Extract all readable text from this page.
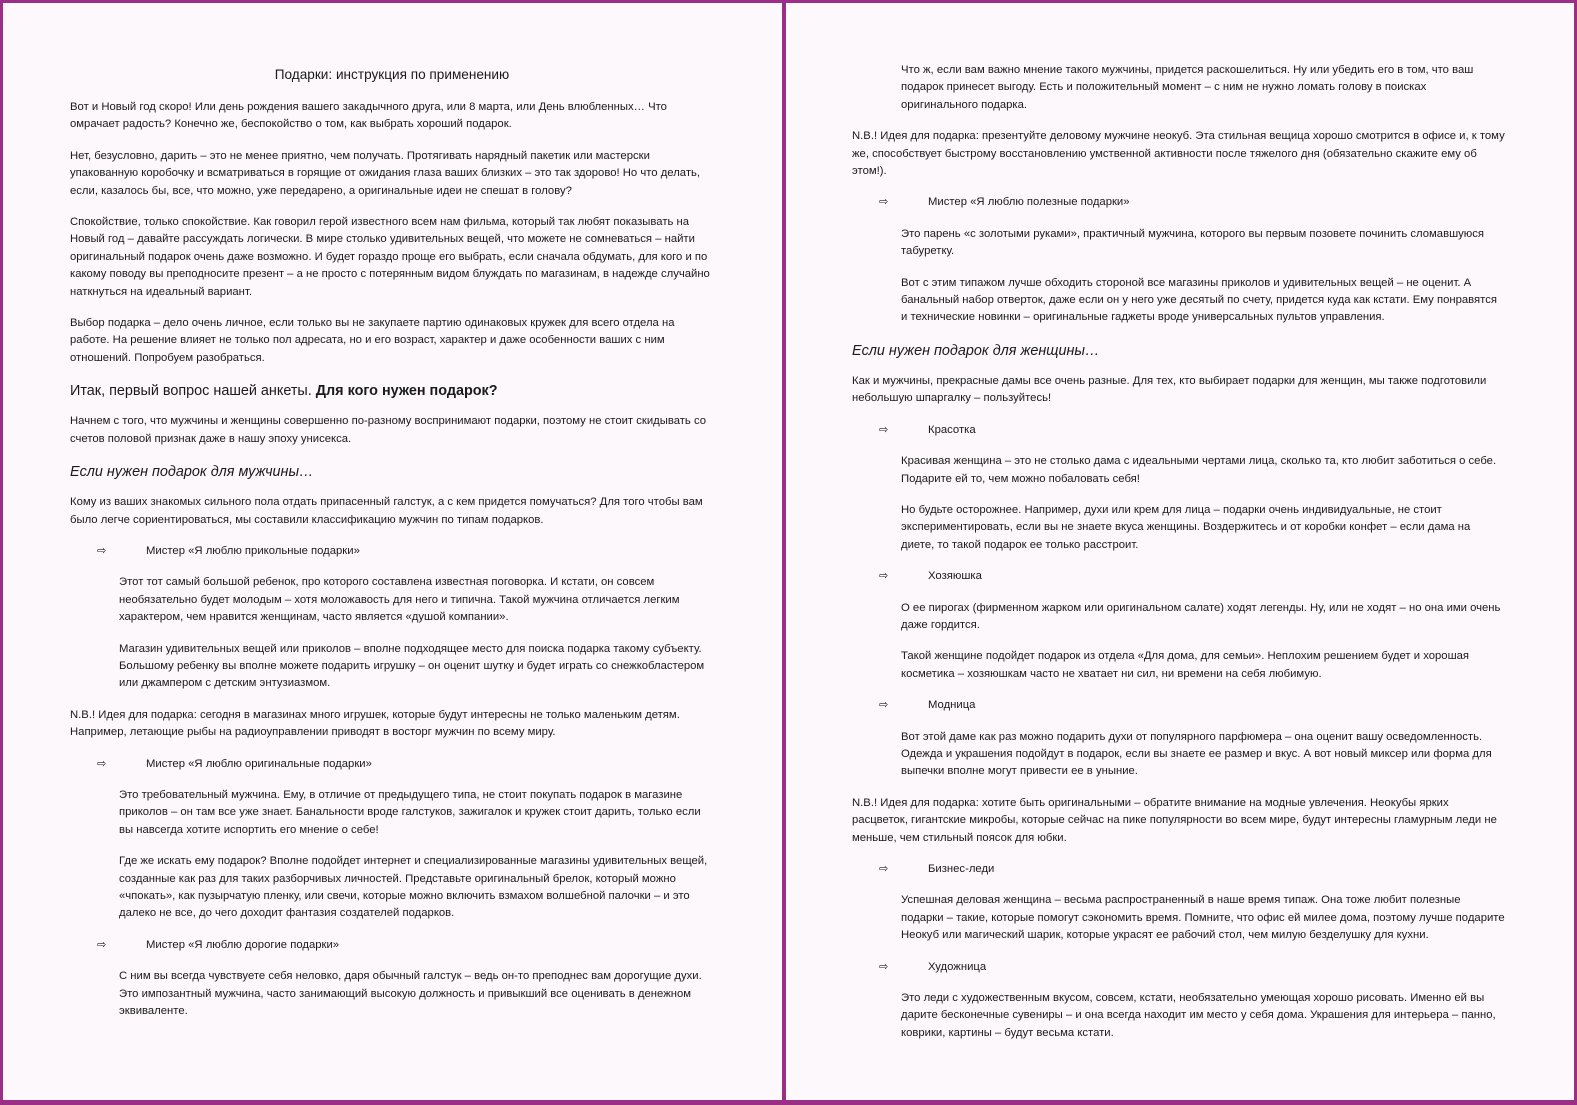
Подарки: инструкция по применению

Вот и Новый год скоро! Или день рождения вашего закадычного друга, или 8 марта, или День влюбленных… Что омрачает радость? Конечно же, беспокойство о том, как выбрать хороший подарок.

Нет, безусловно, дарить – это не менее приятно, чем получать. Протягивать нарядный пакетик или мастерски упакованную коробочку и всматриваться в горящие от ожидания глаза ваших близких – это так здорово! Но что делать, если, казалось бы, все, что можно, уже передарено, а оригинальные идеи не спешат в голову?

Спокойствие, только спокойствие. Как говорил герой известного всем нам фильма, который так любят показывать на Новый год – давайте рассуждать логически. В мире столько удивительных вещей, что можете не сомневаться – найти оригинальный подарок очень даже возможно. И будет гораздо проще его выбрать, если сначала обдумать, для кого и по какому поводу вы преподносите презент – а не просто с потерянным видом блуждать по магазинам, в надежде случайно наткнуться на идеальный вариант.

Выбор подарка – дело очень личное, если только вы не закупаете партию одинаковых кружек для всего отдела на работе. На решение влияет не только пол адресата, но и его возраст, характер и даже особенности ваших с ним отношений. Попробуем разобраться.

Итак, первый вопрос нашей анкеты. Для кого нужен подарок?

Начнем с того, что мужчины и женщины совершенно по-разному воспринимают подарки, поэтому не стоит скидывать со счетов половой признак даже в нашу эпоху унисекса.

Если нужен подарок для мужчины…

Кому из ваших знакомых сильного пола отдать припасенный галстук, а с кем придется помучаться? Для того чтобы вам было легче сориентироваться, мы составили классификацию мужчин по типам подарков.

⇨	Мистер «Я люблю прикольные подарки»

Этот тот самый большой ребенок, про которого составлена известная поговорка. И кстати, он совсем необязательно будет молодым – хотя моложавость для него и типична. Такой мужчина отличается легким характером, чем нравится женщинам, часто является «душой компании».

Магазин удивительных вещей или приколов – вполне подходящее место для поиска подарка такому субъекту. Большому ребенку вы вполне можете подарить игрушку – он оценит шутку и будет играть со снежкобластером или джампером с детским энтузиазмом.

N.B.! Идея для подарка: сегодня в магазинах много игрушек, которые будут интересны не только маленьким детям. Например, летающие рыбы на радиоуправлении приводят в восторг мужчин по всему миру.

⇨	Мистер «Я люблю оригинальные подарки»

Это требовательный мужчина. Ему, в отличие от предыдущего типа, не стоит покупать подарок в магазине приколов – он там все уже знает. Банальности вроде галстуков, зажигалок и кружек стоит дарить, только если вы навсегда хотите испортить его мнение о себе!

Где же искать ему подарок? Вполне подойдет интернет и специализированные магазины удивительных вещей, созданные как раз для таких разборчивых личностей. Представьте оригинальный брелок, который можно «чпокать», как пузырчатую пленку, или свечи, которые можно включить взмахом волшебной палочки – и это далеко не все, до чего доходит фантазия создателей подарков.

⇨	Мистер «Я люблю дорогие подарки»

С ним вы всегда чувствуете себя неловко, даря обычный галстук – ведь он-то преподнес вам дорогущие духи. Это импозантный мужчина, часто занимающий высокую должность и привыкший все оценивать в денежном эквиваленте.

Что ж, если вам важно мнение такого мужчины, придется раскошелиться. Ну или убедить его в том, что ваш подарок принесет выгоду. Есть и положительный момент – с ним не нужно ломать голову в поисках оригинального подарка.

N.B.! Идея для подарка: презентуйте деловому мужчине неокуб. Эта стильная вещица хорошо смотрится в офисе и, к тому же, способствует быстрому восстановлению умственной активности после тяжелого дня (обязательно скажите ему об этом!).

⇨	Мистер «Я люблю полезные подарки»

Это парень «с золотыми руками», практичный мужчина, которого вы первым позовете починить сломавшуюся табуретку.

Вот с этим типажом лучше обходить стороной все магазины приколов и удивительных вещей – не оценит. А банальный набор отверток, даже если он у него уже десятый по счету, придется куда как кстати. Ему понравятся и технические новинки – оригинальные гаджеты вроде универсальных пультов управления.

Если нужен подарок для женщины…

Как и мужчины, прекрасные дамы все очень разные. Для тех, кто выбирает подарки для женщин, мы также подготовили небольшую шпаргалку – пользуйтесь!

⇨	Красотка

Красивая женщина – это не столько дама с идеальными чертами лица, сколько та, кто любит заботиться о себе. Подарите ей то, чем можно побаловать себя!

Но будьте осторожнее. Например, духи или крем для лица – подарки очень индивидуальные, не стоит экспериментировать, если вы не знаете вкуса женщины. Воздержитесь и от коробки конфет – если дама на диете, то такой подарок ее только расстроит.

⇨	Хозяюшка

О ее пирогах (фирменном жарком или оригинальном салате) ходят легенды. Ну, или не ходят – но она ими очень даже гордится.

Такой женщине подойдет подарок из отдела «Для дома, для семьи». Неплохим решением будет и хорошая косметика – хозяюшкам часто не хватает ни сил, ни времени на себя любимую.

⇨	Модница

Вот этой даме как раз можно подарить духи от популярного парфюмера – она оценит вашу осведомленность. Одежда и украшения подойдут в подарок, если вы знаете ее размер и вкус. А вот новый миксер или форма для выпечки вполне могут привести ее в уныние.

N.B.! Идея для подарка: хотите быть оригинальными – обратите внимание на модные увлечения. Неокубы ярких расцветок, гигантские микробы, которые сейчас на пике популярности во всем мире, будут интересны гламурным леди не меньше, чем стильный поясок для юбки.

⇨	Бизнес-леди

Успешная деловая женщина – весьма распространенный в наше время типаж. Она тоже любит полезные подарки – такие, которые помогут сэкономить время. Помните, что офис ей милее дома, поэтому лучше подарите Неокуб или магический шарик, которые украсят ее рабочий стол, чем милую безделушку для кухни.

⇨	Художница

Это леди с художественным вкусом, совсем, кстати, необязательно умеющая хорошо рисовать. Именно ей вы дарите бесконечные сувениры – и она всегда находит им место у себя дома. Украшения для интерьера – панно, коврики, картины – будут весьма кстати.
